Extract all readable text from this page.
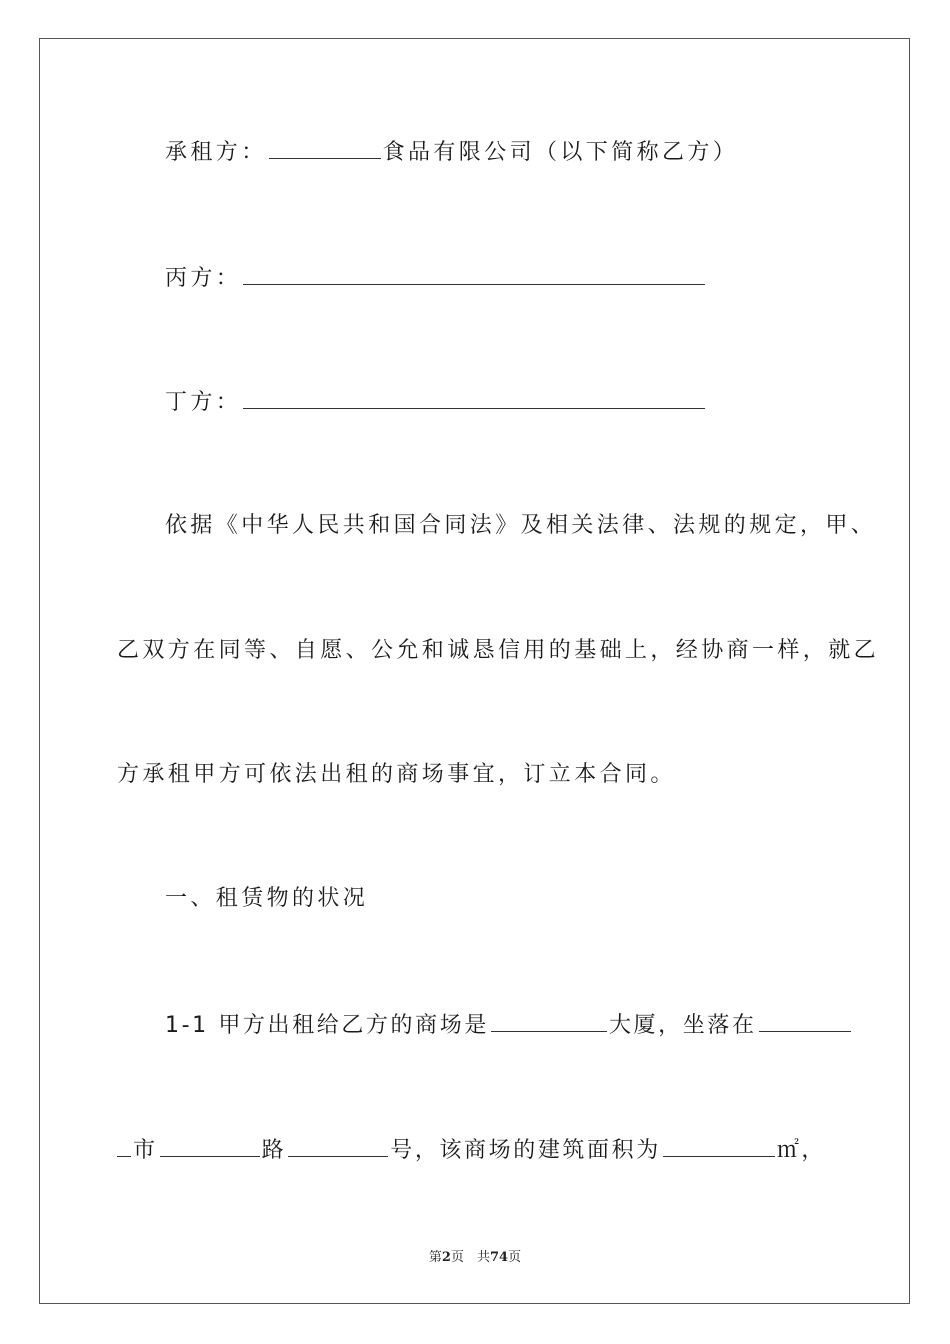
承租方：	食品有限公司（以下简称乙方）
丙方：
丁方：
依据《中华人民共和国合同法》及相关法律、法规的规定，甲、
乙双方在同等、自愿、公允和诚恳信用的基础上，经协商一样，就乙
方承租甲方可依法出租的商场事宜，订立本合同。
一、租赁物的状况
1-1 甲方出租给乙方的商场是	大厦，坐落在
市	路	号，该商场的建筑面积为	㎡，
第2页　共74页
